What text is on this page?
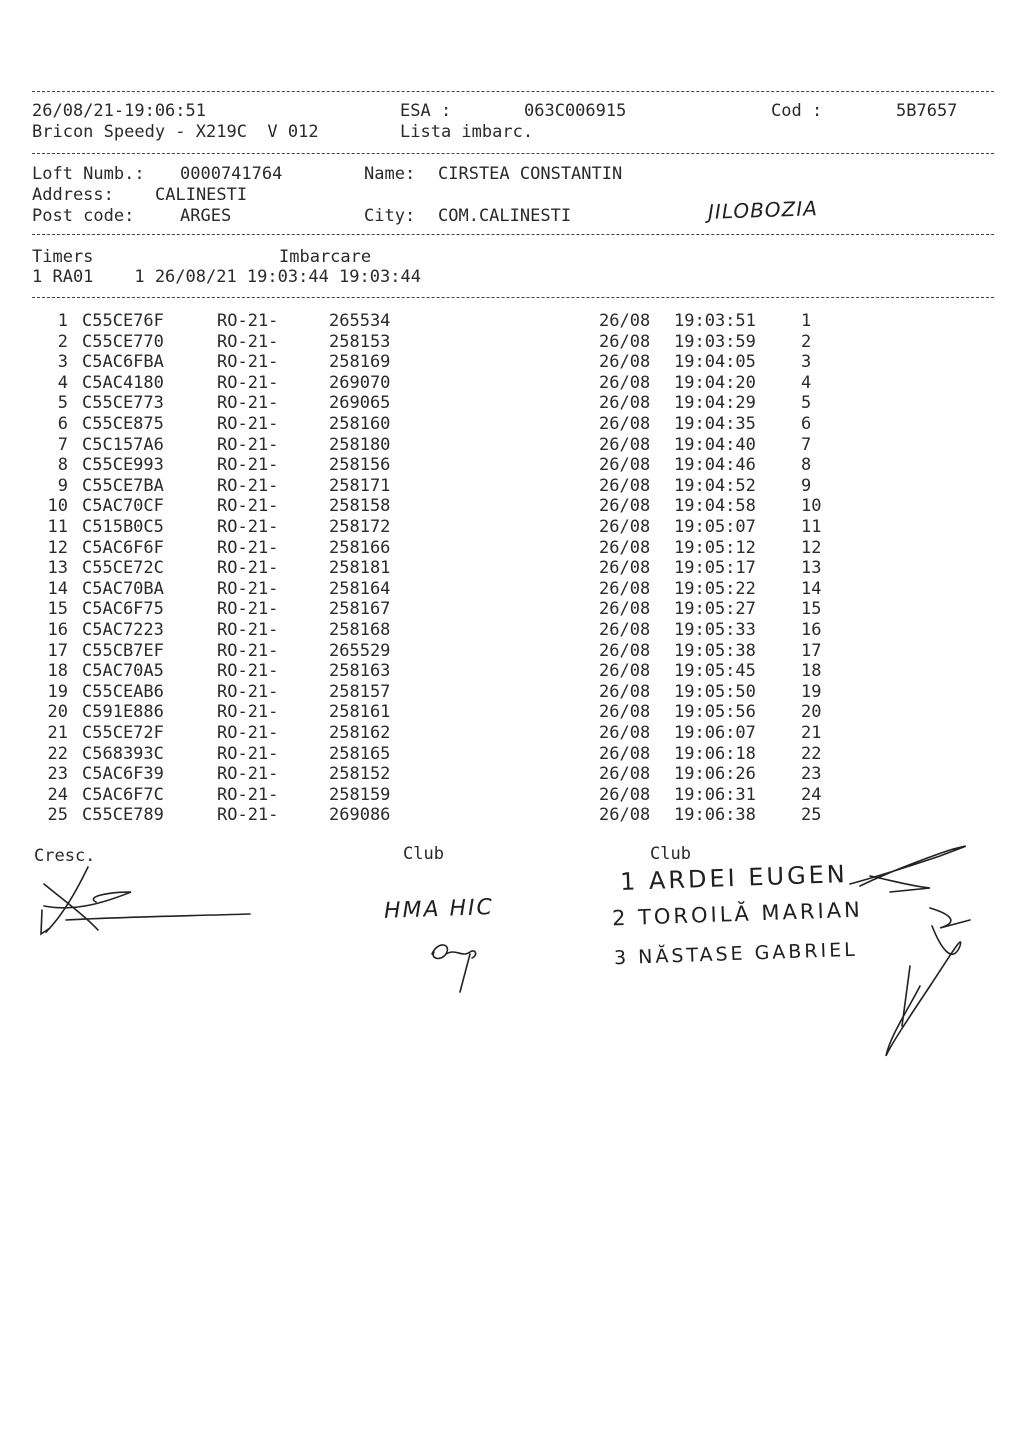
26/08/21-19:06:51	ESA :	063C006915	Cod :	5B7657
Bricon Speedy - X219C  V 012	Lista imbarc.
Loft Numb.: 0000741764	Name: CIRSTEA CONSTANTIN
Address: CALINESTI
Post code:	ARGES	City: COM.CALINESTI	JILOBOZIA
Timers	Imbarcare
1 RA01    1 26/08/21 19:03:44 19:03:44
1 C55CE76F	RO-21-	265534	26/08 19:03:51	1
2 C55CE770	RO-21-	258153	26/08 19:03:59	2
3 C5AC6FBA	RO-21-	258169	26/08 19:04:05	3
4 C5AC4180	RO-21-	269070	26/08 19:04:20	4
5 C55CE773	RO-21-	269065	26/08 19:04:29	5
6 C55CE875	RO-21-	258160	26/08 19:04:35	6
7 C5C157A6	RO-21-	258180	26/08 19:04:40	7
8 C55CE993	RO-21-	258156	26/08 19:04:46	8
9 C55CE7BA	RO-21-	258171	26/08 19:04:52	9
10 C5AC70CF	RO-21-	258158	26/08 19:04:58	10
11 C515B0C5	RO-21-	258172	26/08 19:05:07	11
12 C5AC6F6F	RO-21-	258166	26/08 19:05:12	12
13 C55CE72C	RO-21-	258181	26/08 19:05:17	13
14 C5AC70BA	RO-21-	258164	26/08 19:05:22	14
15 C5AC6F75	RO-21-	258167	26/08 19:05:27	15
16 C5AC7223	RO-21-	258168	26/08 19:05:33	16
17 C55CB7EF	RO-21-	265529	26/08 19:05:38	17
18 C5AC70A5	RO-21-	258163	26/08 19:05:45	18
19 C55CEAB6	RO-21-	258157	26/08 19:05:50	19
20 C591E886	RO-21-	258161	26/08 19:05:56	20
21 C55CE72F	RO-21-	258162	26/08 19:06:07	21
22 C568393C	RO-21-	258165	26/08 19:06:18	22
23 C5AC6F39	RO-21-	258152	26/08 19:06:26	23
24 C5AC6F7C	RO-21-	258159	26/08 19:06:31	24
25 C55CE789	RO-21-	269086	26/08 19:06:38	25
Cresc.	Club	Club
HMA HIC
1 ARDEI EUGEN
2 TOROILĂ MARIAN
3 NĂSTASE GABRIEL
